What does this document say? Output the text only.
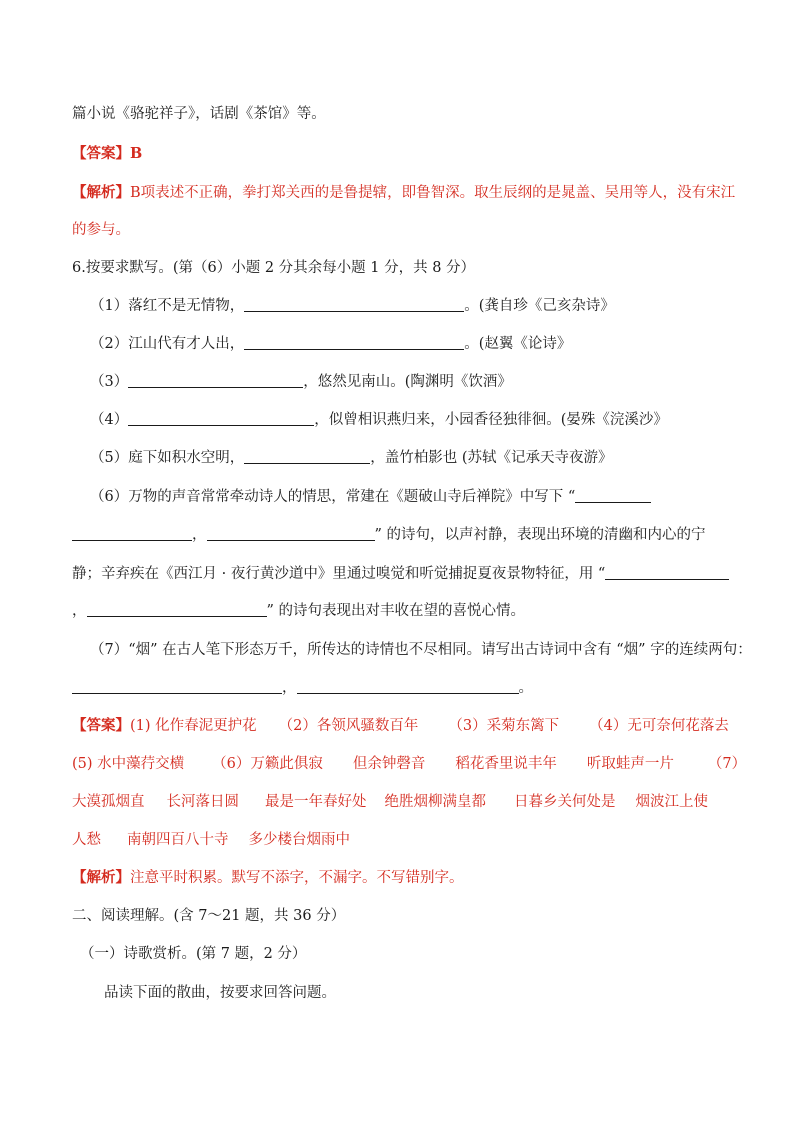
篇小说《骆驼祥子》，话剧《茶馆》等。
【答案】B
【解析】B项表述不正确，拳打郑关西的是鲁提辖，即鲁智深。取生辰纲的是晁盖、吴用等人，没有宋江
的参与。
6.按要求默写。(第（6）小题 2 分其余每小题 1 分，共 8 分）
（1）落红不是无情物，	。(龚自珍《己亥杂诗》
（2）江山代有才人出，	。(赵翼《论诗》
（3）	，悠然见南山。(陶渊明《饮酒》
（4）	，似曾相识燕归来，小园香径独徘徊。(晏殊《浣溪沙》
（5）庭下如积水空明，	，盖竹柏影也 (苏轼《记承天寺夜游》
（6）万物的声音常常牵动诗人的情思，常建在《题破山寺后禅院》中写下 “
，	” 的诗句，以声衬静，表现出环境的清幽和内心的宁
静；辛弃疾在《西江月 · 夜行黄沙道中》里通过嗅觉和听觉捕捉夏夜景物特征，用 “
，	” 的诗句表现出对丰收在望的喜悦心情。
（7）“烟” 在古人笔下形态万千，所传达的诗情也不尽相同。请写出古诗词中含有 “烟” 字的连续两句：
，	。
【答案】(1) 化作春泥更护花 （2）各领风骚数百年 （3）采菊东篱下 （4）无可奈何花落去
(5) 水中藻荇交横 （6）万籁此俱寂 但余钟磬音 稻花香里说丰年 听取蛙声一片 （7）
大漠孤烟直 长河落日圆 最是一年春好处 绝胜烟柳满皇都 日暮乡关何处是 烟波江上使
人愁 南朝四百八十寺 多少楼台烟雨中
【解析】注意平时积累。默写不添字，不漏字。不写错别字。
二、阅读理解。(含 7～21 题，共 36 分）
（一）诗歌赏析。(第 7 题，2 分）
品读下面的散曲，按要求回答问题。
